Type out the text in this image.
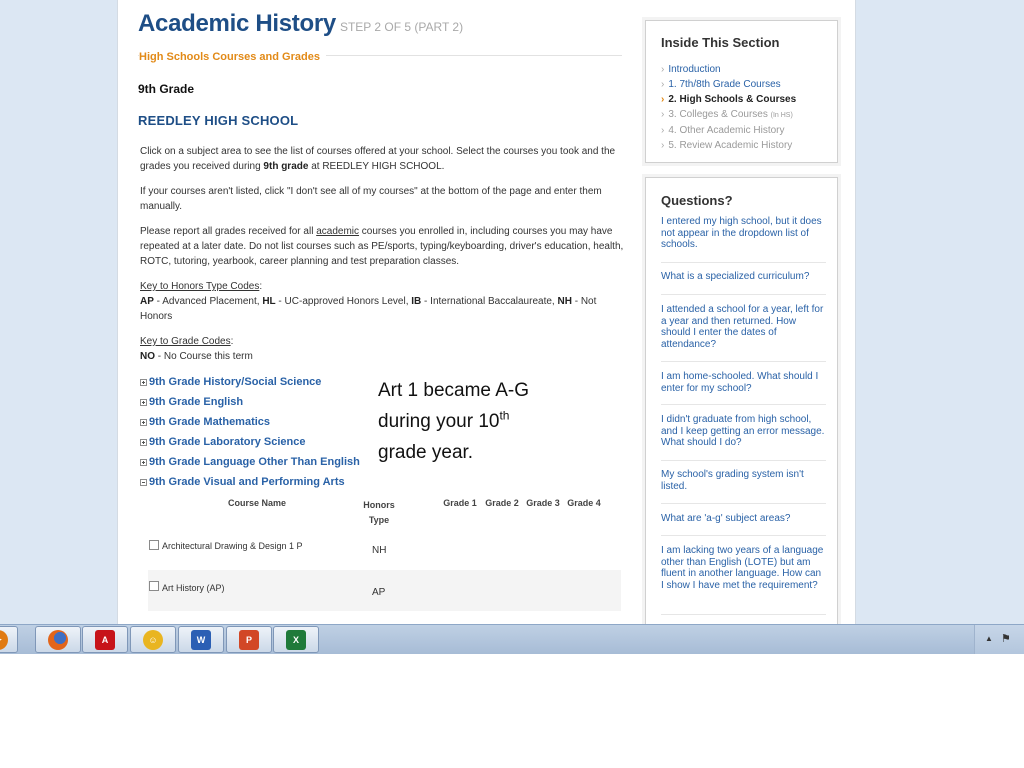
Academic History STEP 2 OF 5 (PART 2)
High Schools Courses and Grades
9th Grade
REEDLEY HIGH SCHOOL
Click on a subject area to see the list of courses offered at your school. Select the courses you took and the grades you received during 9th grade at REEDLEY HIGH SCHOOL.
If your courses aren't listed, click "I don't see all of my courses" at the bottom of the page and enter them manually.
Please report all grades received for all academic courses you enrolled in, including courses you may have repeated at a later date. Do not list courses such as PE/sports, typing/keyboarding, driver's education, health, ROTC, tutoring, yearbook, career planning and test preparation classes.
Key to Honors Type Codes:
AP - Advanced Placement, HL - UC-approved Honors Level, IB - International Baccalaureate, NH - Not Honors
Key to Grade Codes:
NO - No Course this term
9th Grade History/Social Science
9th Grade English
9th Grade Mathematics
9th Grade Laboratory Science
9th Grade Language Other Than English
9th Grade Visual and Performing Arts
Course Name	Honors
Type
Grade 1 Grade 2 Grade 3 Grade 4
Architectural Drawing & Design 1 P	NH
Art History (AP)	AP
Art 1 became A-G
during your 10th
grade year.
Inside This Section
› Introduction
› 1. 7th/8th Grade Courses
› 2. High Schools & Courses
› 3. Colleges & Courses (In HS)
› 4. Other Academic History
› 5. Review Academic History
Questions?
I entered my high school, but it does not appear in the dropdown list of schools.
What is a specialized curriculum?
I attended a school for a year, left for a year and then returned. How should I enter the dates of attendance?
I am home-schooled. What should I enter for my school?
I didn't graduate from high school, and I keep getting an error message. What should I do?
My school's grading system isn't listed.
What are 'a-g' subject areas?
I am lacking two years of a language other than English (LOTE) but am fluent in another language. How can I show I have met the requirement?
A	☺	W	P	X	▲ ⚑
